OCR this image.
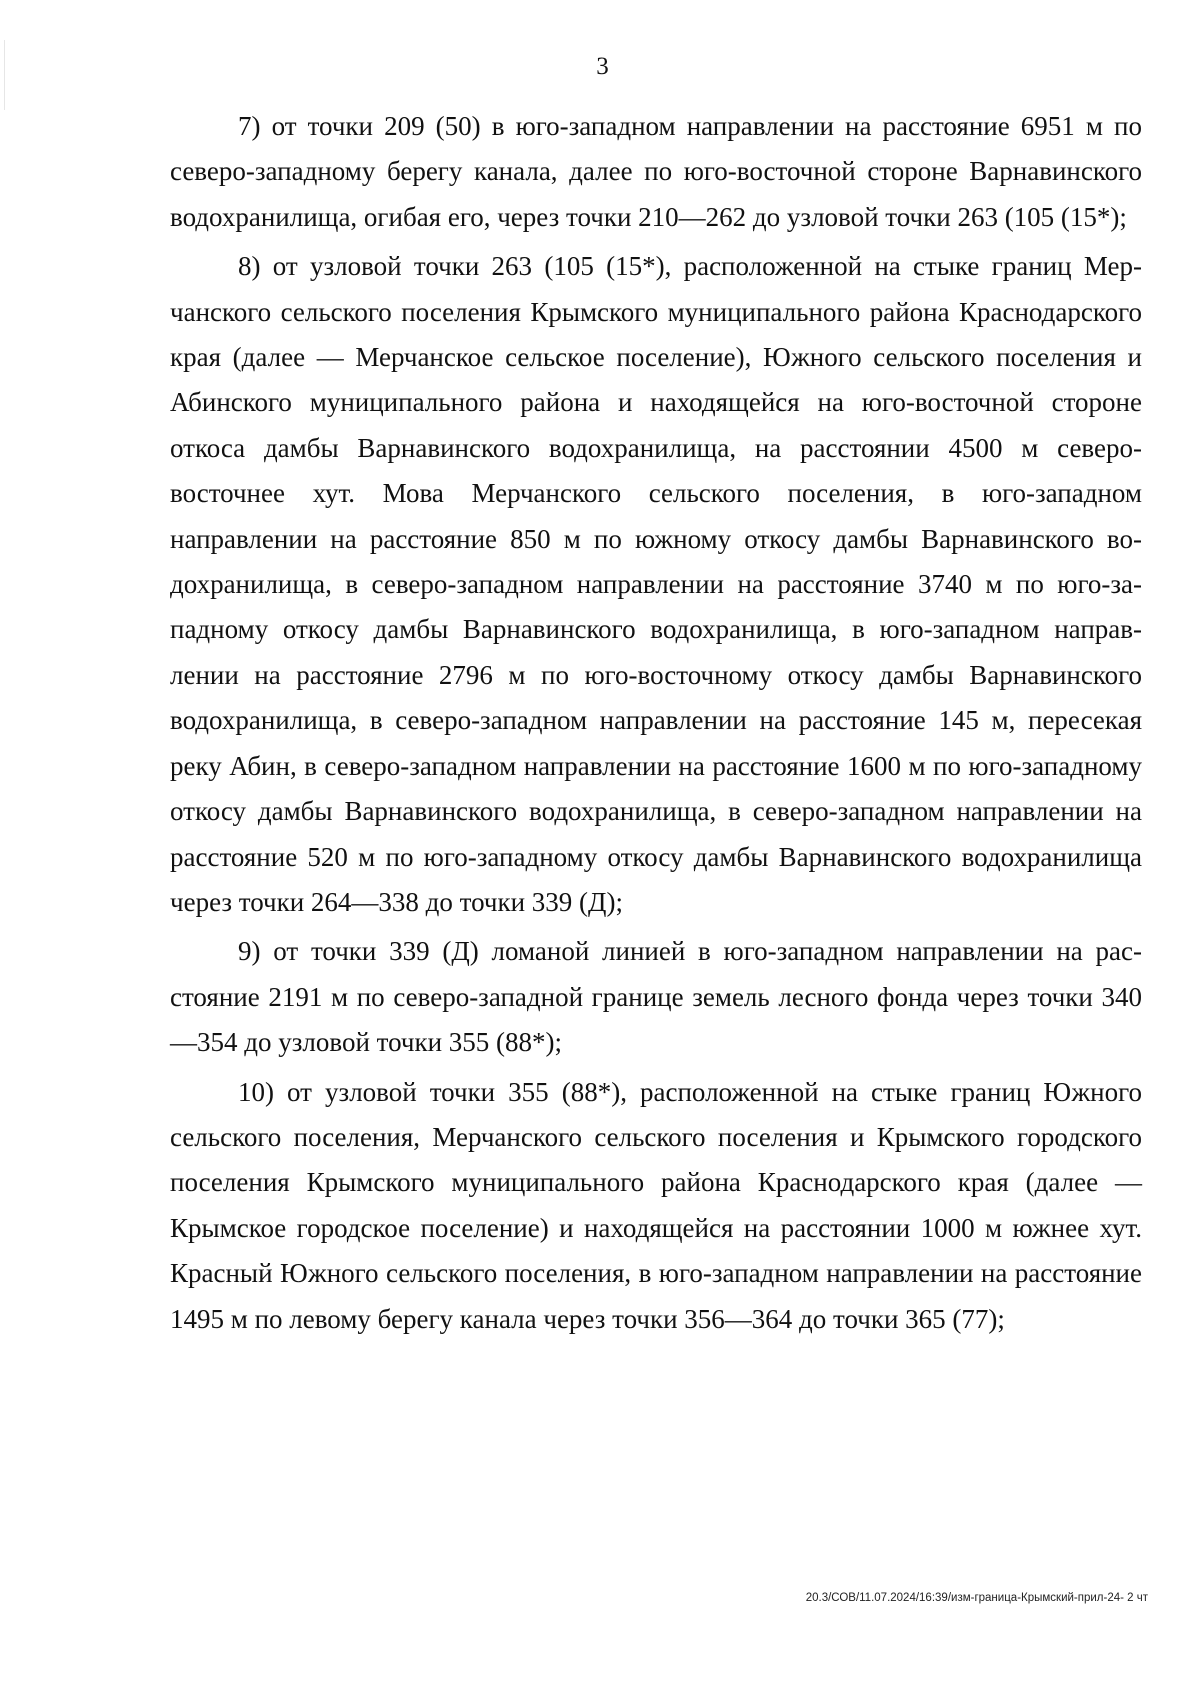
3

7) от точки 209 (50) в юго-западном направлении на расстояние 6951 м по северо-западному берегу канала, далее по юго-восточной стороне Варнавинского водохранилища, огибая его, через точки 210—262 до узловой точки 263 (105 (15*);

8) от узловой точки 263 (105 (15*), расположенной на стыке границ Мерчанского сельского поселения Крымского муниципального района Краснодарского края (далее — Мерчанское сельское поселение), Южного сельского поселения и Абинского муниципального района и находящейся на юго-восточной стороне откоса дамбы Варнавинского водохранилища, на расстоянии 4500 м северо-восточнее хут. Мова Мерчанского сельского поселения, в юго-западном направлении на расстояние 850 м по южному откосу дамбы Варнавинского водохранилища, в северо-западном направлении на расстояние 3740 м по юго-западному откосу дамбы Варнавинского водохранилища, в юго-западном направлении на расстояние 2796 м по юго-восточному откосу дамбы Варнавинского водохранилища, в северо-западном направлении на расстояние 145 м, пересекая реку Абин, в северо-западном направлении на расстояние 1600 м по юго-западному откосу дамбы Варнавинского водохранилища, в северо-западном направлении на расстояние 520 м по юго-западному откосу дамбы Варнавинского водохранилища через точки 264—338 до точки 339 (Д);

9) от точки 339 (Д) ломаной линией в юго-западном направлении на расстояние 2191 м по северо-западной границе земель лесного фонда через точки 340—354 до узловой точки 355 (88*);

10) от узловой точки 355 (88*), расположенной на стыке границ Южного сельского поселения, Мерчанского сельского поселения и Крымского городского поселения Крымского муниципального района Краснодарского края (далее — Крымское городское поселение) и находящейся на расстоянии 1000 м южнее хут. Красный Южного сельского поселения, в юго-западном направлении на расстояние 1495 м по левому берегу канала через точки 356—364 до точки 365 (77);

20.3/СОВ/11.07.2024/16:39/изм-граница-Крымский-прил-24- 2 чт
